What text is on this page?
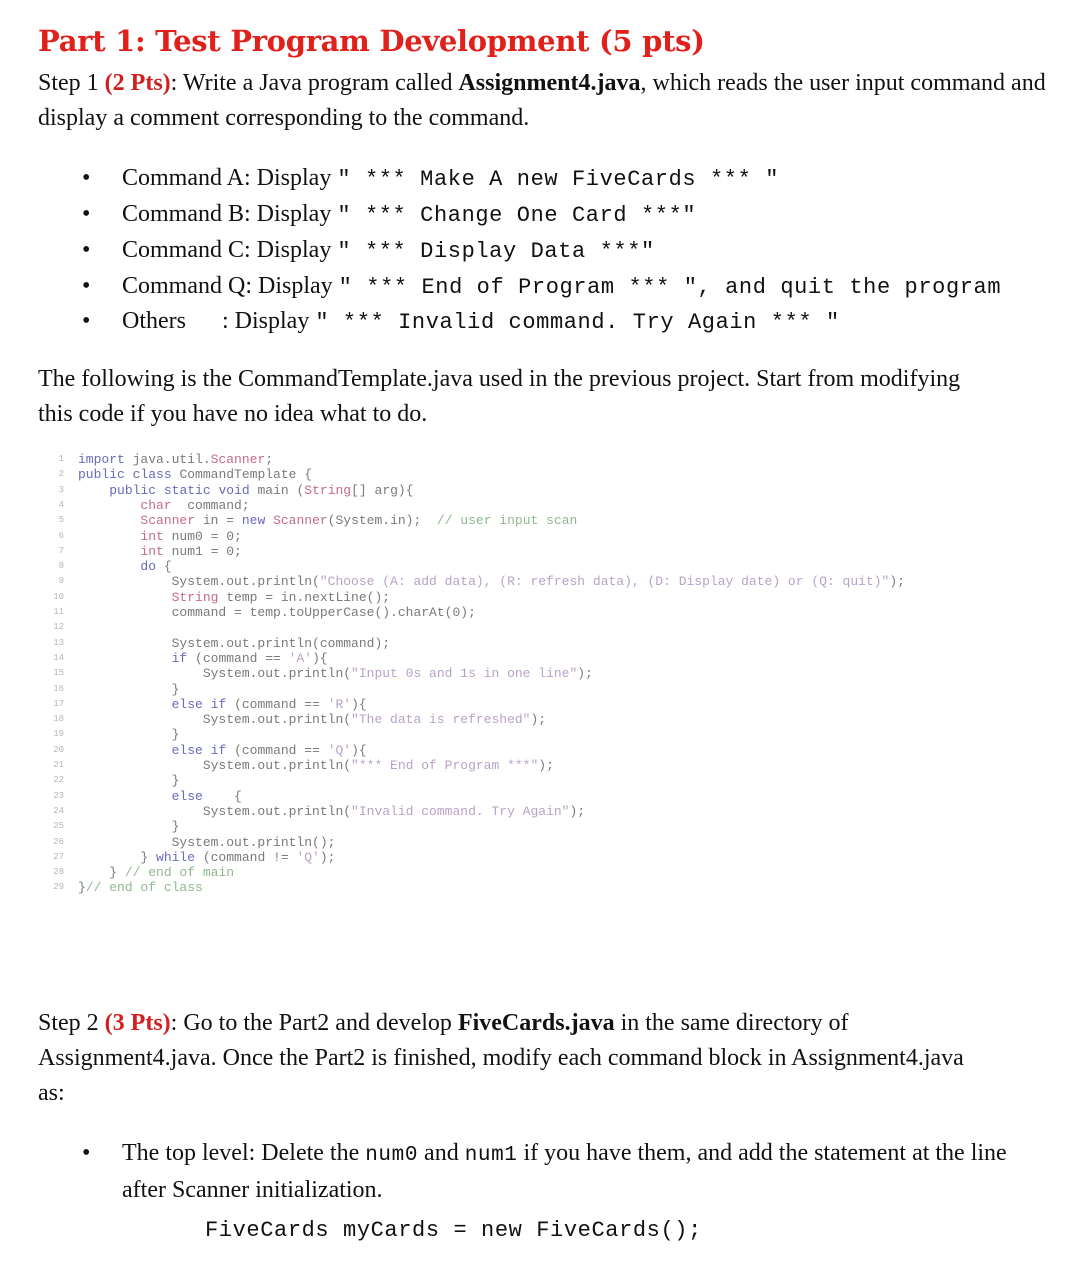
Part 1: Test Program Development (5 pts)
Step 1 (2 Pts): Write a Java program called Assignment4.java, which reads the user input command and display a comment corresponding to the command.
• Command A: Display " *** Make A new FiveCards *** "
• Command B: Display " *** Change One Card ***"
• Command C: Display " *** Display Data ***"
• Command Q: Display " *** End of Program *** ", and quit the program
• Others      : Display " *** Invalid command. Try Again *** "
The following is the CommandTemplate.java used in the previous project. Start from modifying this code if you have no idea what to do.
1 import java.util.Scanner;
2 public class CommandTemplate {
3	public static void main (String[] arg){
4	char  command;
5	Scanner in = new Scanner(System.in);  // user input scan
6	int num0 = 0;
7	int num1 = 0;
8	do {
9 System.out.println("Choose (A: add data), (R: refresh data), (D: Display date) or (Q: quit)");
10	String temp = in.nextLine();
11 command = temp.toUpperCase().charAt(0);
12
13 System.out.println(command);
14	if (command == 'A'){
15 System.out.println("Input 0s and 1s in one line");
16 }
17	else if (command == 'R'){
18 System.out.println("The data is refreshed");
19 }
20	else if (command == 'Q'){
21 System.out.println("*** End of Program ***");
22 }
23	else    {
24 System.out.println("Invalid command. Try Again");
25 }
26 System.out.println();
27 } while (command != 'Q');
28 } // end of main
29 }// end of class
Step 2 (3 Pts): Go to the Part2 and develop FiveCards.java in the same directory of Assignment4.java. Once the Part2 is finished, modify each command block in Assignment4.java as:
• The top level: Delete the num0 and num1 if you have them, and add the statement at the line after Scanner initialization.
FiveCards myCards = new FiveCards();
